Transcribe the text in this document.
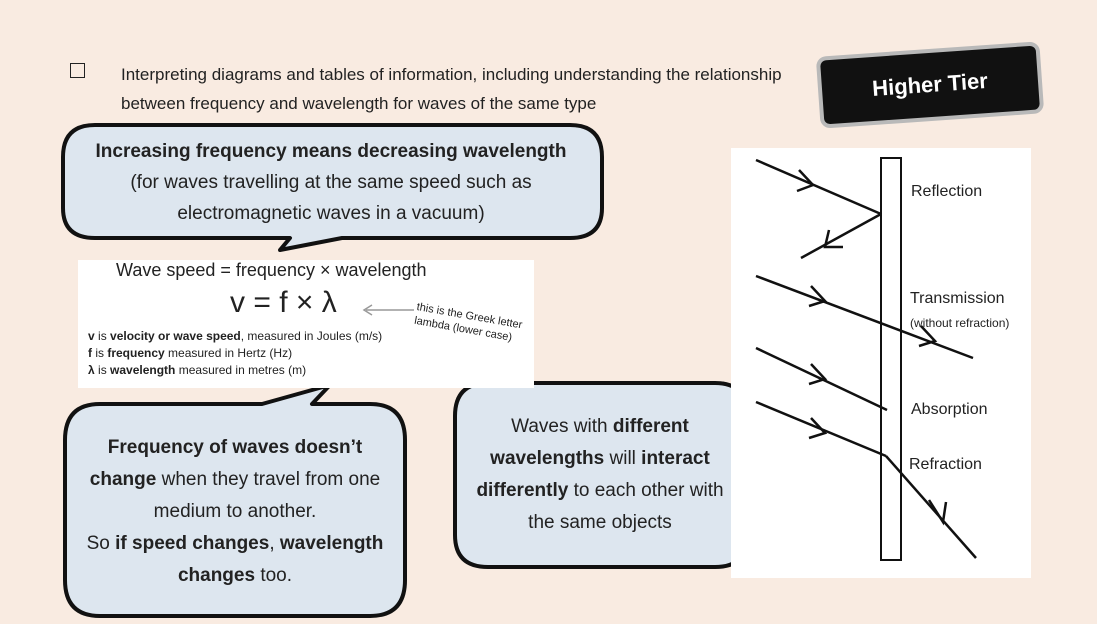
Interpreting diagrams and tables of information, including understanding the relationship between frequency and wavelength for waves of the same type
Higher Tier
Increasing frequency means decreasing wavelength
(for waves travelling at the same speed such as electromagnetic waves in a vacuum)
Wave speed = frequency × wavelength
v = f × λ	this is the Greek letter lambda (lower case)
v is velocity or wave speed, measured in Joules (m/s)
f is frequency measured in Hertz (Hz)
λ is wavelength measured in metres (m)
Frequency of waves doesn’t change when they travel from one medium to another.
So if speed changes, wavelength changes too.
Waves with different wavelengths will interact differently to each other with the same objects
Reflection
Transmission
(without refraction)
Absorption
Refraction
